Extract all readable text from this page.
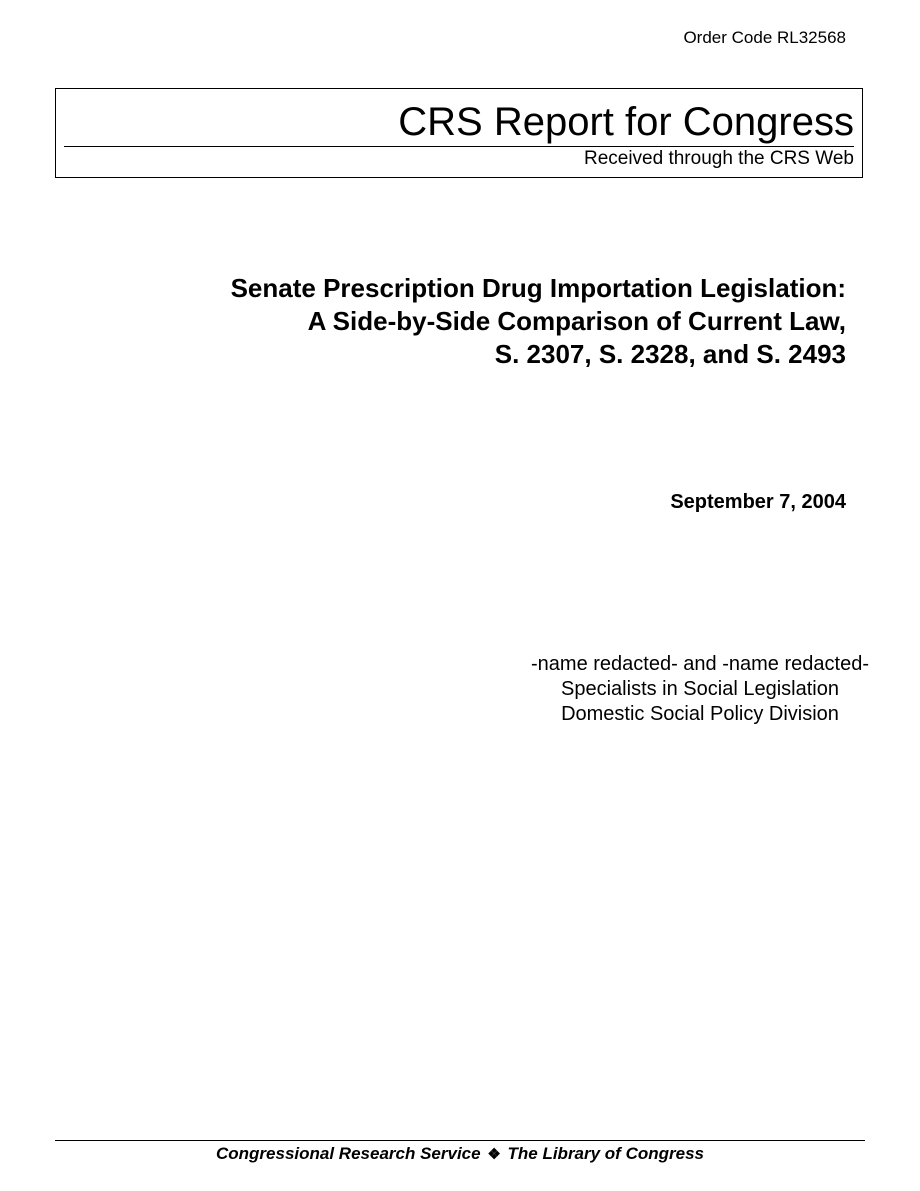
Order Code RL32568
CRS Report for Congress
Received through the CRS Web
Senate Prescription Drug Importation Legislation:
A Side-by-Side Comparison of Current Law,
S. 2307, S. 2328, and S. 2493
September 7, 2004
-name redacted- and -name redacted-
Specialists in Social Legislation
Domestic Social Policy Division
Congressional Research Service ❖ The Library of Congress
